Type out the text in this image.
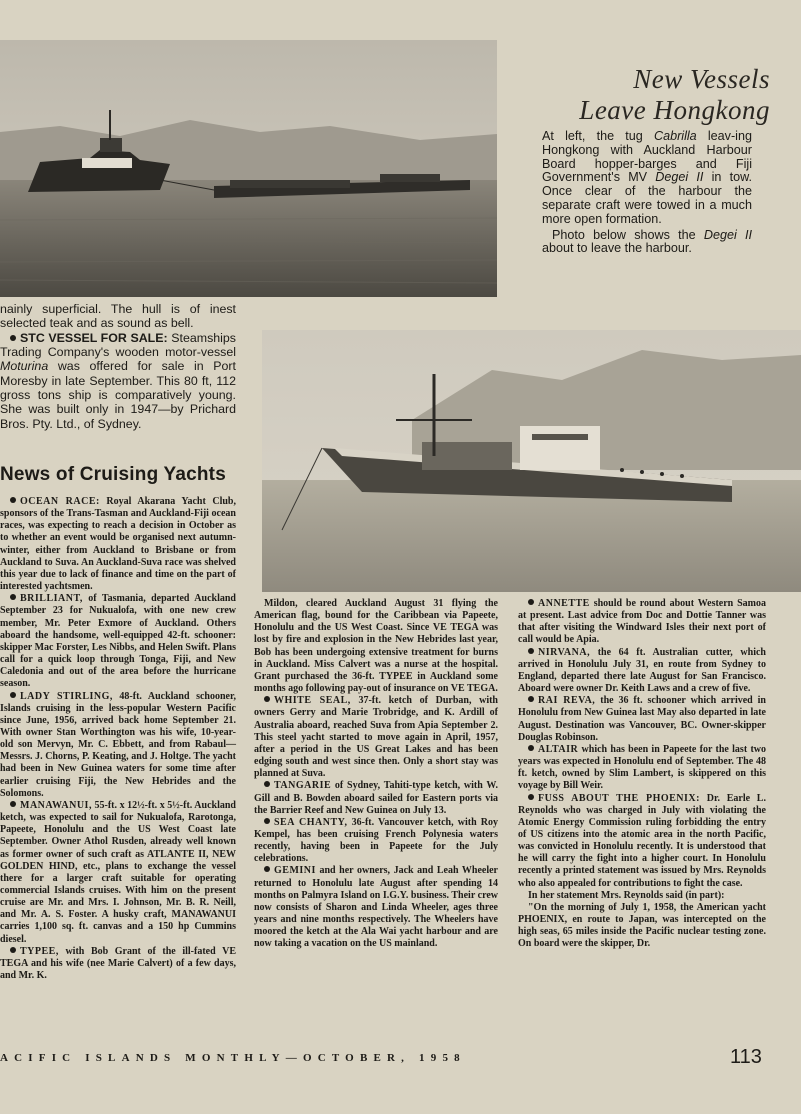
New Vessels
Leave Hongkong

At left, the tug Cabrilla leav-ing Hongkong with Auckland Harbour Board hopper-barges and Fiji Government's MV Degei II in tow. Once clear of the harbour the separate craft were towed in a much more open formation.

Photo below shows the Degei II about to leave the harbour.

nainly superficial. The hull is of inest selected teak and as sound as bell.

STC VESSEL FOR SALE: Steamships Trading Company's wooden motor-vessel Moturina was offered for sale in Port Moresby in late September. This 80 ft, 112 gross tons ship is comparatively young. She was built only in 1947—by Prichard Bros. Pty. Ltd., of Sydney.

News of Cruising Yachts

OCEAN RACE: Royal Akarana Yacht Club, sponsors of the Trans-Tasman and Auckland-Fiji ocean races, was expecting to reach a decision in October as to whether an event would be organised next autumn-winter, either from Auckland to Brisbane or from Auckland to Suva. An Auckland-Suva race was shelved this year due to lack of finance and time on the part of interested yachtsmen.

BRILLIANT, of Tasmania, departed Auckland September 23 for Nukualofa, with one new crew member, Mr. Peter Exmore of Auckland. Others aboard the handsome, well-equipped 42-ft. schooner: skipper Mac Forster, Les Nibbs, and Helen Swift. Plans call for a quick loop through Tonga, Fiji, and New Caledonia and out of the area before the hurricane season.

LADY STIRLING, 48-ft. Auckland schooner, Islands cruising in the less-popular Western Pacific since June, 1956, arrived back home September 21. With owner Stan Worthington was his wife, 10-year-old son Mervyn, Mr. C. Ebbett, and from Rabaul—Messrs. J. Chorns, P. Keating, and J. Holtge. The yacht had been in New Guinea waters for some time after earlier cruising Fiji, the New Hebrides and the Solomons.

MANAWANUI, 55-ft. x 12½-ft. x 5½-ft. Auckland ketch, was expected to sail for Nukualofa, Rarotonga, Papeete, Honolulu and the US West Coast late September. Owner Athol Rusden, already well known as former owner of such craft as ATLANTE II, NEW GOLDEN HIND, etc., plans to exchange the vessel there for a larger craft suitable for operating commercial Islands cruises. With him on the present cruise are Mr. and Mrs. I. Johnson, Mr. B. R. Neill, and Mr. A. S. Foster. A husky craft, MANAWANUI carries 1,100 sq. ft. canvas and a 150 hp Cummins diesel.

TYPEE, with Bob Grant of the ill-fated VE TEGA and his wife (nee Marie Calvert) of a few days, and Mr. K.

Mildon, cleared Auckland August 31 flying the American flag, bound for the Caribbean via Papeete, Honolulu and the US West Coast. Since VE TEGA was lost by fire and explosion in the New Hebrides last year, Bob has been undergoing extensive treatment for burns in Auckland. Miss Calvert was a nurse at the hospital. Grant purchased the 36-ft. TYPEE in Auckland some months ago following pay-out of insurance on VE TEGA.

WHITE SEAL, 37-ft. ketch of Durban, with owners Gerry and Marie Trobridge, and K. Ardill of Australia aboard, reached Suva from Apia September 2. This steel yacht started to move again in April, 1957, after a period in the US Great Lakes and has been edging south and west since then. Only a short stay was planned at Suva.

TANGARIE of Sydney, Tahiti-type ketch, with W. Gill and B. Bowden aboard sailed for Eastern ports via the Barrier Reef and New Guinea on July 13.

SEA CHANTY, 36-ft. Vancouver ketch, with Roy Kempel, has been cruising French Polynesia waters recently, having been in Papeete for the July celebrations.

GEMINI and her owners, Jack and Leah Wheeler returned to Honolulu late August after spending 14 months on Palmyra Island on I.G.Y. business. Their crew now consists of Sharon and Linda Wheeler, ages three years and nine months respectively. The Wheelers have moored the ketch at the Ala Wai yacht harbour and are now taking a vacation on the US mainland.

ANNETTE should be round about Western Samoa at present. Last advice from Doc and Dottie Tanner was that after visiting the Windward Isles their next port of call would be Apia.

NIRVANA, the 64 ft. Australian cutter, which arrived in Honolulu July 31, en route from Sydney to England, departed there late August for San Francisco. Aboard were owner Dr. Keith Laws and a crew of five.

RAI REVA, the 36 ft. schooner which arrived in Honolulu from New Guinea last May also departed in late August. Destination was Vancouver, BC. Owner-skipper Douglas Robinson.

ALTAIR which has been in Papeete for the last two years was expected in Honolulu end of September. The 48 ft. ketch, owned by Slim Lambert, is skippered on this voyage by Bill Weir.

FUSS ABOUT THE PHOENIX: Dr. Earle L. Reynolds who was charged in July with violating the Atomic Energy Commission ruling forbidding the entry of US citizens into the atomic area in the north Pacific, was convicted in Honolulu recently. It is understood that he will carry the fight into a higher court. In Honolulu recently a printed statement was issued by Mrs. Reynolds who also appealed for contributions to fight the case.

In her statement Mrs. Reynolds said (in part):

"On the morning of July 1, 1958, the American yacht PHOENIX, en route to Japan, was intercepted on the high seas, 65 miles inside the Pacific nuclear testing zone. On board were the skipper, Dr.

ACIFIC ISLANDS MONTHLY—OCTOBER, 1958	113
